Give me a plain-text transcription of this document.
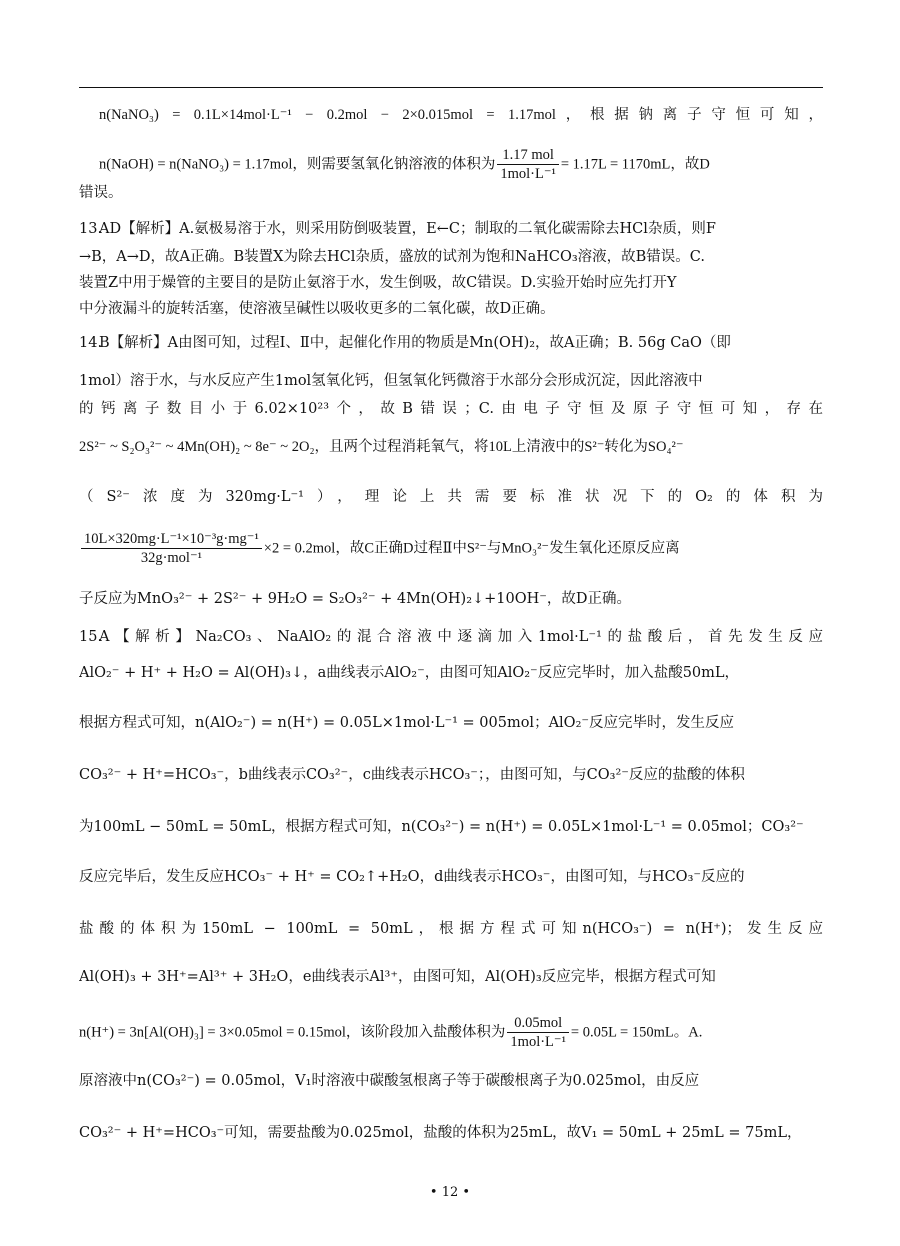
n(NaNO₃) = 0.1L×14mol·L⁻¹ − 0.2mol − 2×0.015mol = 1.17mol，根据钠离子守恒可知，
n(NaOH) = n(NaNO₃) = 1.17mol，则需要氢氧化钠溶液的体积为 $\frac{\text{1.17 mol}}{\text{1mol·L⁻¹}} = 1.17L = 1170mL$，故D
错误。
13.
AD【解析】A.氨极易溶于水，则采用防倒吸装置，E←C；制取的二氧化碳需除去HCl杂质，则F
→B，A→D，故A正确。B装置X为除去HCl杂质，盛放的试剂为饱和NaHCO₃溶液，故B错误。C.
装置Z中用于燥管的主要目的是防止氨溶于水，发生倒吸，故C错误。D.实验开始时应先打开Y
中分液漏斗的旋转活塞，使溶液呈碱性以吸收更多的二氧化碳，故D正确。
14.
B【解析】A由图可知，过程Ⅰ、Ⅱ中，起催化作用的物质是Mn(OH)₂，故A正确；B. 56g CaO（即
1mol）溶于水，与水反应产生1mol氢氧化钙，但氢氧化钙微溶于水部分会形成沉淀，因此溶液中
的钙离子数目小于6.02×10²³个，故B错误；C.由电子守恒及原子守恒可知，存在
2S²⁻ ~ S₂O₃²⁻ ~ 4Mn(OH)₂ ~ 8e⁻ ~ 2O₂，且两个过程消耗氧气，将10L上清液中的S²⁻转化为SO₄²⁻
（S²⁻浓度为320mg·L⁻¹），理论上共需要标准状况下的O₂的体积为
$\frac{\text{10L×320mg·L⁻¹×10⁻³g·mg⁻¹}}{\text{32g·mol⁻¹}} \times 2 = 0.2mol$，故C正确D过程Ⅱ中S²⁻与MnO₃²⁻发生氧化还原反应离
子反应为MnO₃²⁻ + 2S²⁻ + 9H₂O = S₂O₃²⁻ + 4Mn(OH)₂↓+10OH⁻，故D正确。
15.
A【解析】Na₂CO₃、NaAlO₂的混合溶液中逐滴加入1mol·L⁻¹的盐酸后，首先发生反应
AlO₂⁻ + H⁺ + H₂O = Al(OH)₃↓，a曲线表示AlO₂⁻，由图可知AlO₂⁻反应完毕时，加入盐酸50mL，
根据方程式可知，n(AlO₂⁻) = n(H⁺) = 0.05L×1mol·L⁻¹ = 005mol；AlO₂⁻反应完毕时，发生反应
CO₃²⁻ + H⁺=HCO₃⁻，b曲线表示CO₃²⁻，c曲线表示HCO₃⁻；，由图可知，与CO₃²⁻反应的盐酸的体积
为100mL − 50mL = 50mL，根据方程式可知，n(CO₃²⁻) = n(H⁺) = 0.05L×1mol·L⁻¹ = 0.05mol；CO₃²⁻
反应完毕后，发生反应HCO₃⁻ + H⁺ = CO₂↑+H₂O，d曲线表示HCO₃⁻，由图可知，与HCO₃⁻反应的
盐酸的体积为150mL − 100mL = 50mL，根据方程式可知n(HCO₃⁻) = n(H⁺)；发生反应
Al(OH)₃ + 3H⁺=Al³⁺ + 3H₂O，e曲线表示Al³⁺，由图可知，Al(OH)₃反应完毕，根据方程式可知
n(H⁺) = 3n[Al(OH)₃] = 3×0.05mol = 0.15mol，该阶段加入盐酸体积为 $\frac{\text{0.05mol}}{\text{1mol·L⁻¹}} = 0.05L = 150mL$。A.
原溶液中n(CO₃²⁻) = 0.05mol，V₁时溶液中碳酸氢根离子等于碳酸根离子为0.025mol，由反应
CO₃²⁻ + H⁺=HCO₃⁻可知，需要盐酸为0.025mol，盐酸的体积为25mL，故V₁ = 50mL + 25mL = 75mL，
• 12 •
